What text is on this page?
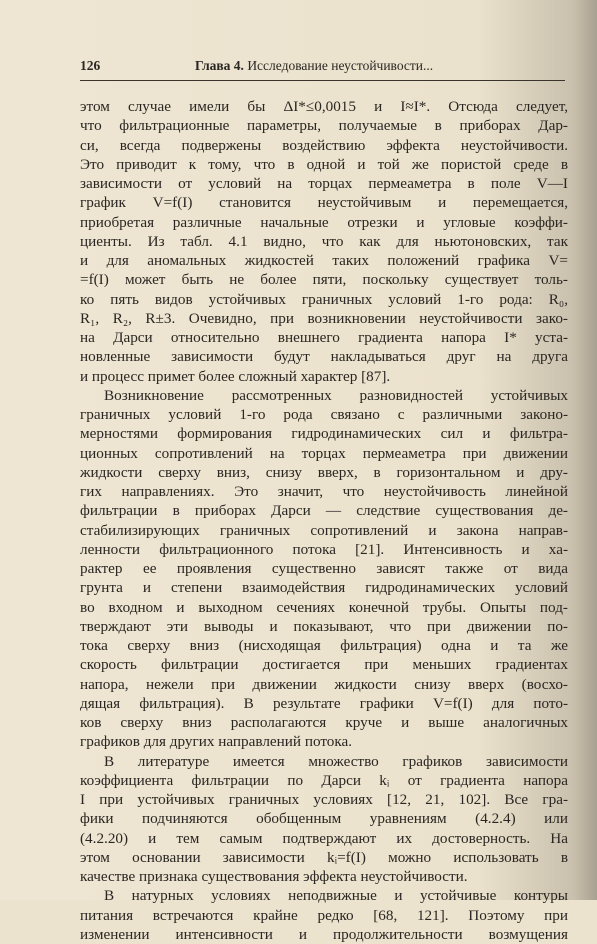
126	Глава 4. Исследование неустойчивости...
этом случае имели бы ΔI*≤0,0015 и I≈I*. Отсюда следует,
что фильтрационные параметры, получаемые в приборах Дар-
си, всегда подвержены воздействию эффекта неустойчивости.
Это приводит к тому, что в одной и той же пористой среде в
зависимости от условий на торцах пермеаметра в поле V—I
график V=f(I) становится неустойчивым и перемещается,
приобретая различные начальные отрезки и угловые коэффи-
циенты. Из табл. 4.1 видно, что как для ньютоновских, так
и для аномальных жидкостей таких положений графика V=
=f(I) может быть не более пяти, поскольку существует толь-
ко пять видов устойчивых граничных условий 1-го рода: R₀,
R₁, R₂, R±3. Очевидно, при возникновении неустойчивости зако-
на Дарси относительно внешнего градиента напора I* уста-
новленные зависимости будут накладываться друг на друга
и процесс примет более сложный характер [87].
Возникновение рассмотренных разновидностей устойчивых
граничных условий 1-го рода связано с различными законо-
мерностями формирования гидродинамических сил и фильтра-
ционных сопротивлений на торцах пермеаметра при движении
жидкости сверху вниз, снизу вверх, в горизонтальном и дру-
гих направлениях. Это значит, что неустойчивость линейной
фильтрации в приборах Дарси — следствие существования де-
стабилизирующих граничных сопротивлений и закона направ-
ленности фильтрационного потока [21]. Интенсивность и ха-
рактер ее проявления существенно зависят также от вида
грунта и степени взаимодействия гидродинамических условий
во входном и выходном сечениях конечной трубы. Опыты под-
тверждают эти выводы и показывают, что при движении по-
тока сверху вниз (нисходящая фильтрация) одна и та же
скорость фильтрации достигается при меньших градиентах
напора, нежели при движении жидкости снизу вверх (восхо-
дящая фильтрация). В результате графики V=f(I) для пото-
ков сверху вниз располагаются круче и выше аналогичных
графиков для других направлений потока.
В литературе имеется множество графиков зависимости
коэффициента фильтрации по Дарси kᵢ от градиента напора
I при устойчивых граничных условиях [12, 21, 102]. Все гра-
фики подчиняются обобщенным уравнениям (4.2.4) или
(4.2.20) и тем самым подтверждают их достоверность. На
этом основании зависимости kᵢ=f(I) можно использовать в
качестве признака существования эффекта неустойчивости.
В натурных условиях неподвижные и устойчивые контуры
питания встречаются крайне редко [68, 121]. Поэтому при
изменении интенсивности и продолжительности возмущения
